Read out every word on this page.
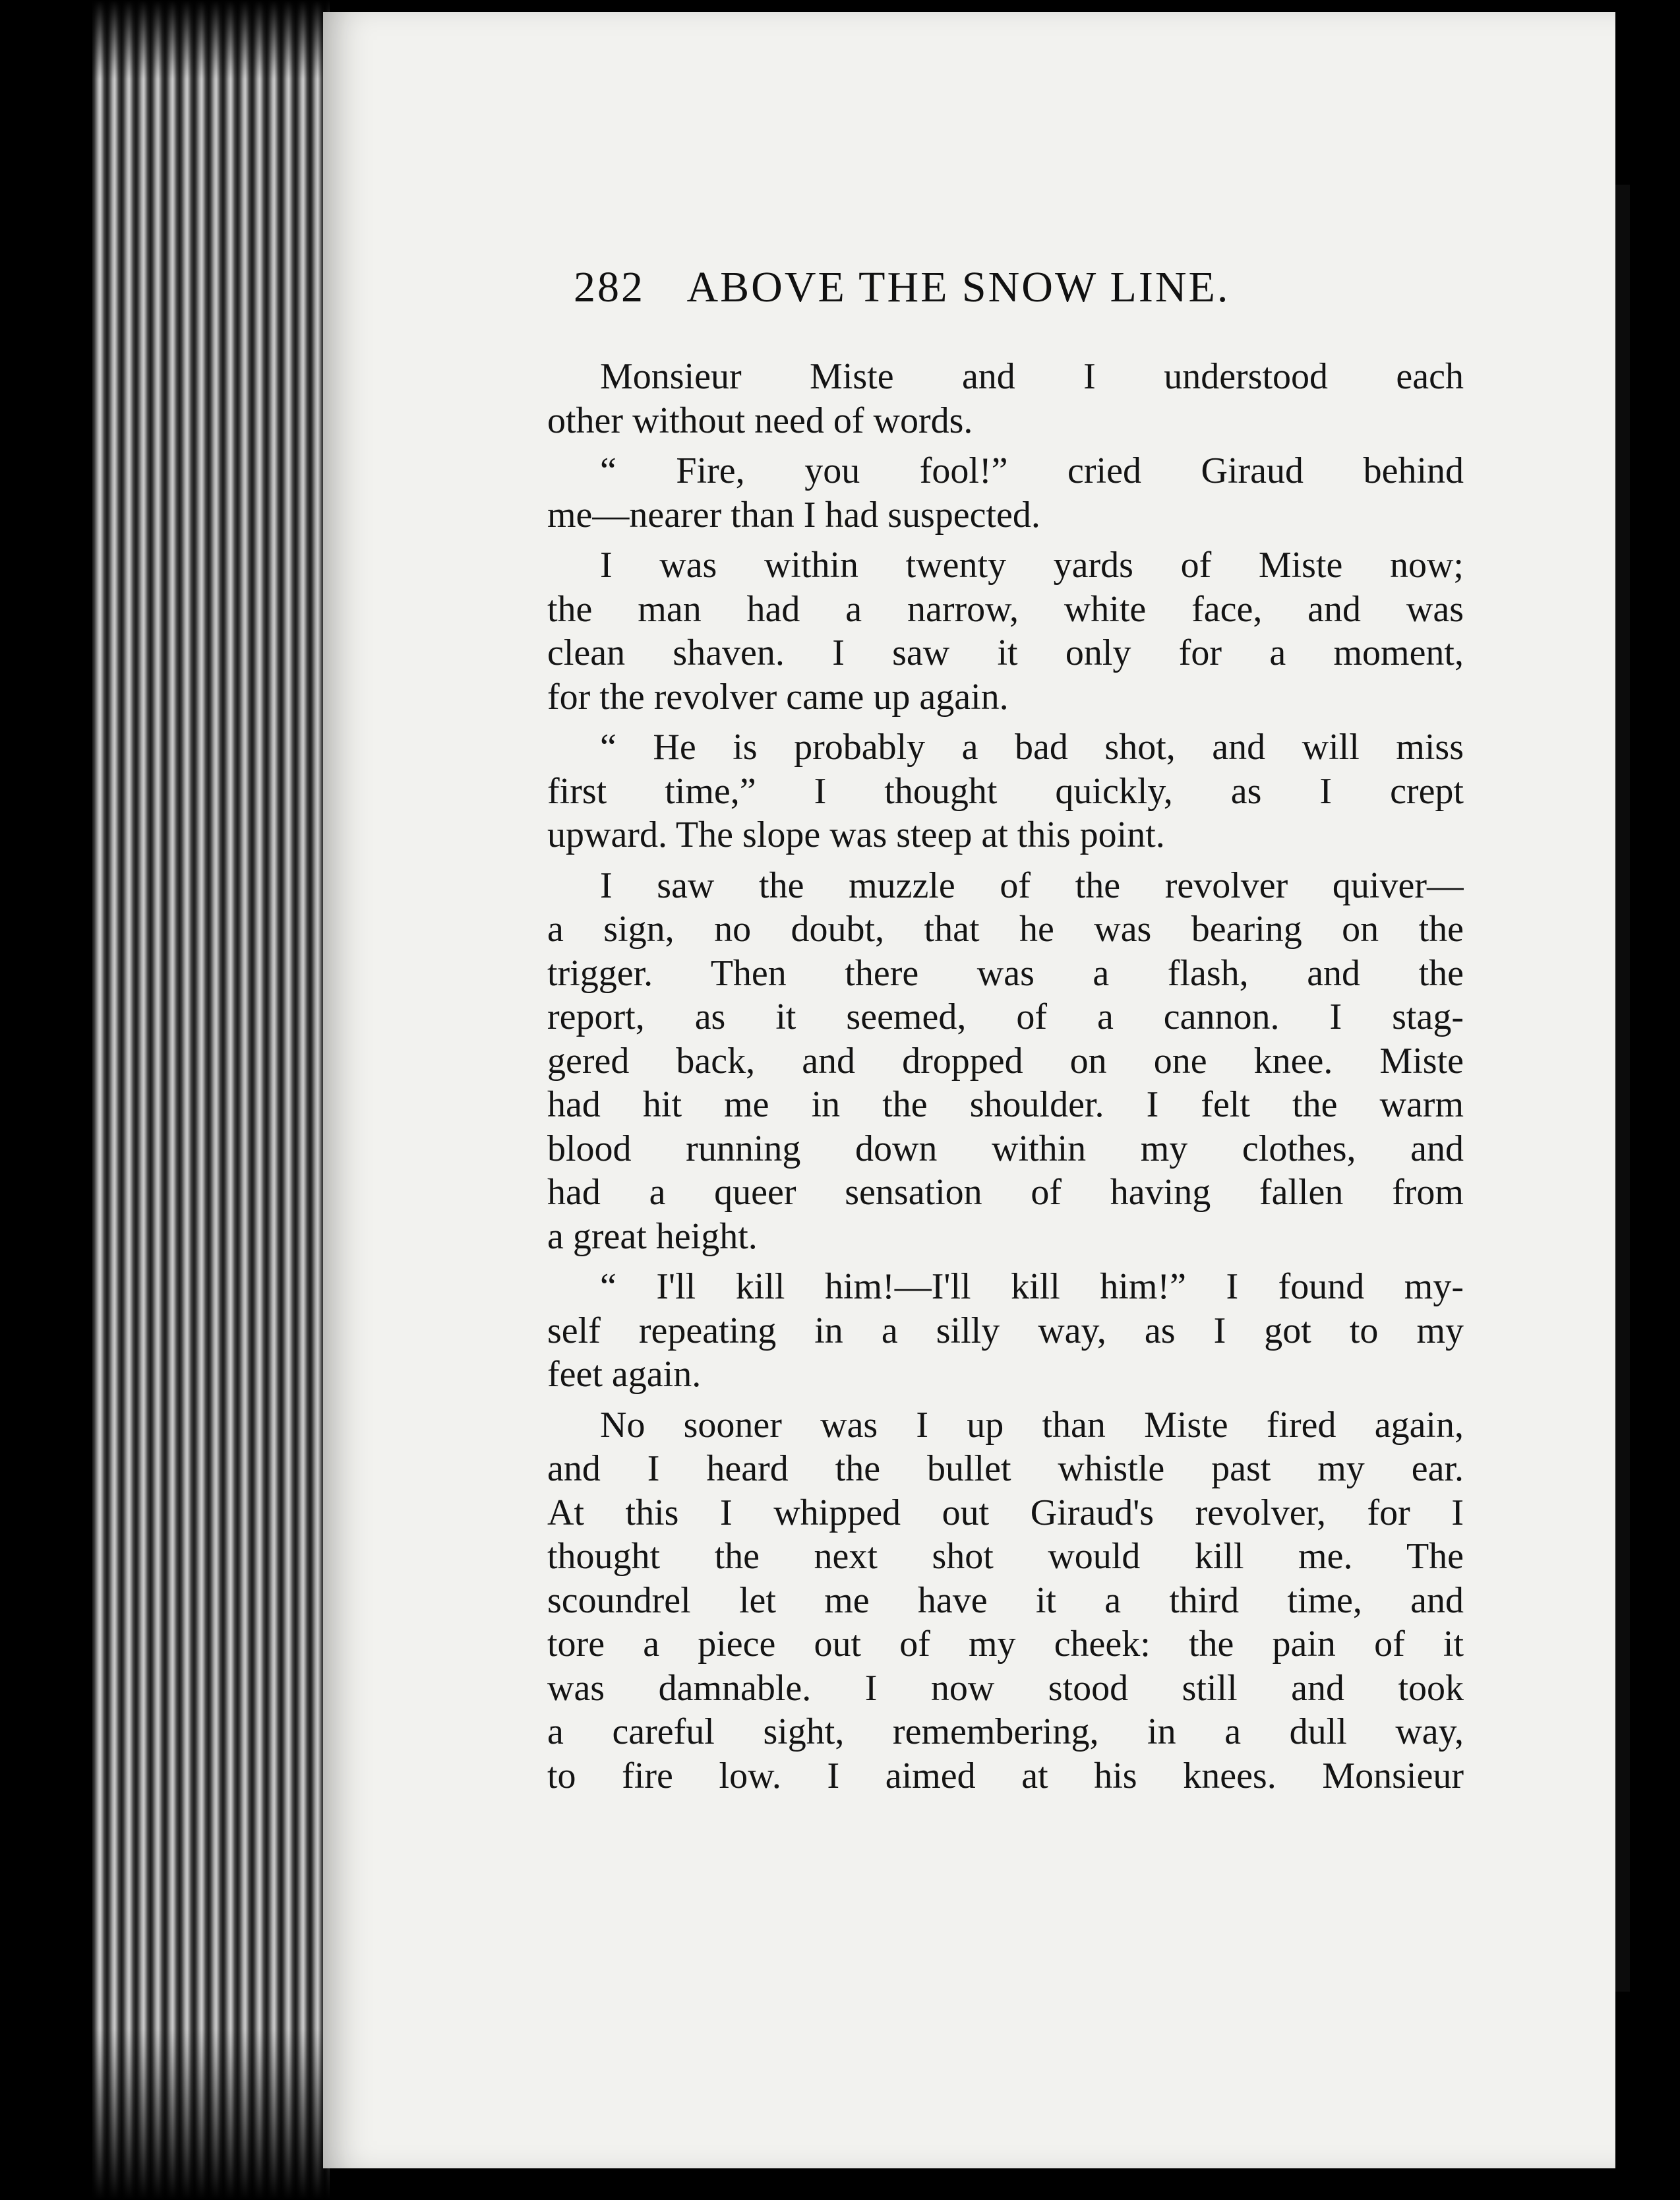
282 ABOVE THE SNOW LINE.
Monsieur Miste and I understood each
other without need of words.
“ Fire, you fool!” cried Giraud behind
me—nearer than I had suspected.
I was within twenty yards of Miste now;
the man had a narrow, white face, and was
clean shaven. I saw it only for a moment,
for the revolver came up again.
“ He is probably a bad shot, and will miss
first time,” I thought quickly, as I crept
upward. The slope was steep at this point.
I saw the muzzle of the revolver quiver—
a sign, no doubt, that he was bearing on the
trigger. Then there was a flash, and the
report, as it seemed, of a cannon. I stag-
gered back, and dropped on one knee. Miste
had hit me in the shoulder. I felt the warm
blood running down within my clothes, and
had a queer sensation of having fallen from
a great height.
“ I'll kill him!—I'll kill him!” I found my-
self repeating in a silly way, as I got to my
feet again.
No sooner was I up than Miste fired again,
and I heard the bullet whistle past my ear.
At this I whipped out Giraud's revolver, for I
thought the next shot would kill me. The
scoundrel let me have it a third time, and
tore a piece out of my cheek: the pain of it
was damnable. I now stood still and took
a careful sight, remembering, in a dull way,
to fire low. I aimed at his knees. Monsieur
